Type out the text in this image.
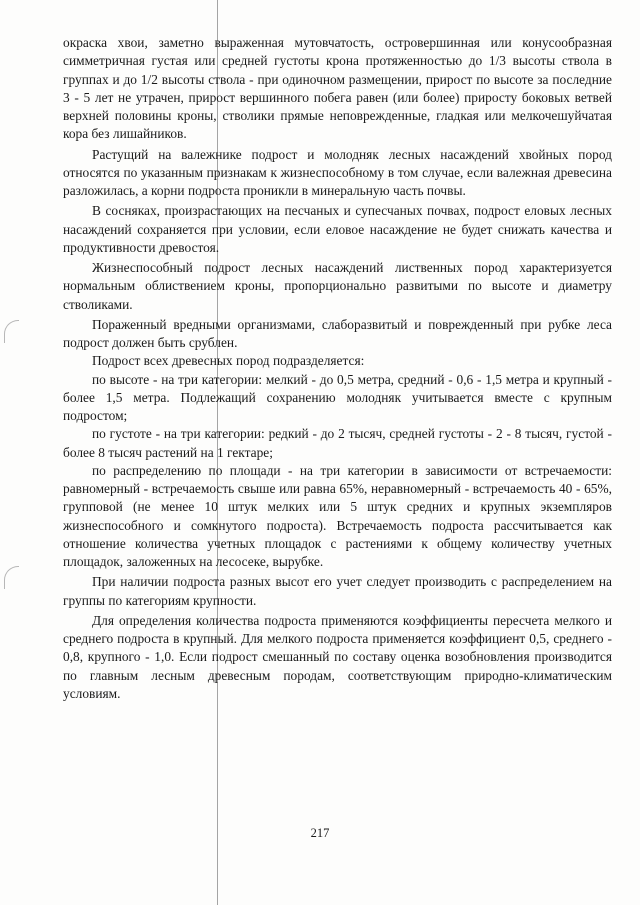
окраска хвои, заметно выраженная мутовчатость, островершинная или конусообразная симметричная густая или средней густоты крона протяженностью до 1/3 высоты ствола в группах и до 1/2 высоты ствола - при одиночном размещении, прирост по высоте за последние 3 - 5 лет не утрачен, прирост вершинного побега равен (или более) приросту боковых ветвей верхней половины кроны, стволики прямые неповрежденные, гладкая или мелкочешуйчатая кора без лишайников.

Растущий на валежнике подрост и молодняк лесных насаждений хвойных пород относятся по указанным признакам к жизнеспособному в том случае, если валежная древесина разложилась, а корни подроста проникли в минеральную часть почвы.

В сосняках, произрастающих на песчаных и супесчаных почвах, подрост еловых лесных насаждений сохраняется при условии, если еловое насаждение не будет снижать качества и продуктивности древостоя.

Жизнеспособный подрост лесных насаждений лиственных пород характеризуется нормальным облиствением кроны, пропорционально развитыми по высоте и диаметру стволиками.

Пораженный вредными организмами, слаборазвитый и поврежденный при рубке леса подрост должен быть срублен.

Подрост всех древесных пород подразделяется:

по высоте - на три категории: мелкий - до 0,5 метра, средний - 0,6 - 1,5 метра и крупный - более 1,5 метра. Подлежащий сохранению молодняк учитывается вместе с крупным подростом;

по густоте - на три категории: редкий - до 2 тысяч, средней густоты - 2 - 8 тысяч, густой - более 8 тысяч растений на 1 гектаре;

по распределению по площади - на три категории в зависимости от встречаемости: равномерный - встречаемость свыше или равна 65%, неравномерный - встречаемость 40 - 65%, групповой (не менее 10 штук мелких или 5 штук средних и крупных экземпляров жизнеспособного и сомкнутого подроста). Встречаемость подроста рассчитывается как отношение количества учетных площадок с растениями к общему количеству учетных площадок, заложенных на лесосеке, вырубке.

При наличии подроста разных высот его учет следует производить с распределением на группы по категориям крупности.

Для определения количества подроста применяются коэффициенты пересчета мелкого и среднего подроста в крупный. Для мелкого подроста применяется коэффициент 0,5, среднего - 0,8, крупного - 1,0. Если подрост смешанный по составу оценка возобновления производится по главным лесным древесным породам, соответствующим природно-климатическим условиям.

217
